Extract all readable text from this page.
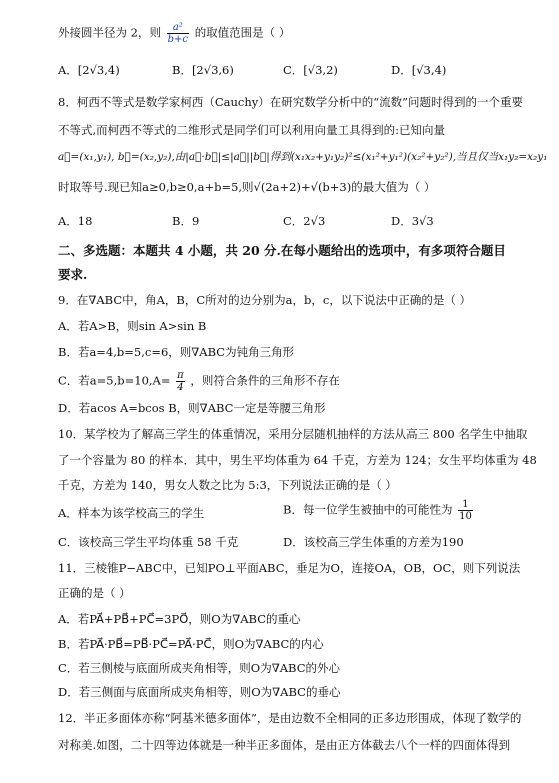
外接圆半径为 2，则 $\frac{\text{a²}}{b+c}$ 的取值范围是（ ）
A．[2√3,4)	B．[2√3,6)	C．[√3,2)	D．[√3,4)
8．柯西不等式是数学家柯西（Cauchy）在研究数学分析中的“流数”问题时得到的一个重要
不等式,而柯西不等式的二维形式是同学们可以利用向量工具得到的:已知向量
a⃗=(x₁,y₁), b⃗=(x₂,y₂),由|a⃗·b⃗|≤|a⃗||b⃗|得到(x₁x₂+y₁y₂)²≤(x₁²+y₁²)(x₂²+y₂²),当且仅当x₁y₂=x₂y₁
时取等号.现已知a≥0,b≥0,a+b=5,则√(2a+2)+√(b+3)的最大值为（ ）
A．18	B．9	C．2√3	D．3√3
二、多选题：本题共 4 小题，共 20 分.在每小题给出的选项中，有多项符合题目
要求.
9．在∇ABC中，角A，B，C所对的边分别为a，b，c，以下说法中正确的是（ ）
A．若A>B，则sin A>sin B
B．若a=4,b=5,c=6，则∇ABC为钝角三角形
C．若$a=5,b=10,A= \frac{\pi}{4}$ ，则符合条件的三角形不存在
D．若acos A=bcos B，则∇ABC一定是等腰三角形
10．某学校为了解高三学生的体重情况，采用分层随机抽样的方法从高三 800 名学生中抽取
了一个容量为 80 的样本．其中，男生平均体重为 64 千克，方差为 124；女生平均体重为 48
千克，方差为 140，男女人数之比为 5:3，下列说法正确的是（ ）
A．样本为该学校高三的学生	B．每一位学生被抽中的可能性为 $\frac{1}{10}$
C．该校高三学生平均体重 58 千克	D．该校高三学生体重的方差为190
11．三棱锥P−ABC中，已知PO⊥平面ABC，垂足为O，连接OA，OB，OC，则下列说法
正确的是（ ）
A．若PA⃗+PB⃗+PC⃗=3PO⃗，则O为∇ABC的重心
B．若PA⃗·PB⃗=PB⃗·PC⃗=PA⃗·PC⃗，则O为∇ABC的内心
C．若三侧棱与底面所成夹角相等，则O为∇ABC的外心
D．若三侧面与底面所成夹角相等，则O为∇ABC的垂心
12．半正多面体亦称“阿基米德多面体”，是由边数不全相同的正多边形围成，体现了数学的
对称美.如图，二十四等边体就是一种半正多面体，是由正方体截去八个一样的四面体得到
